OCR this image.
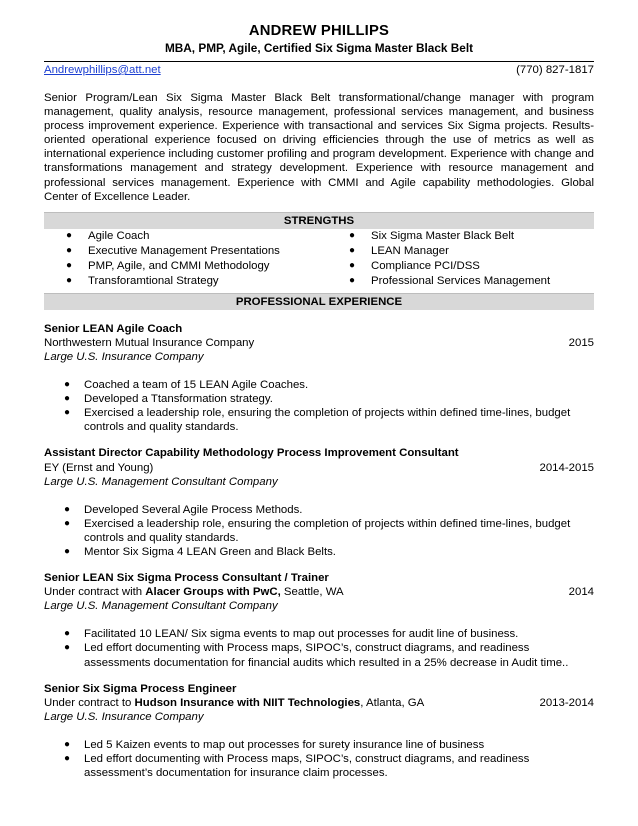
ANDREW PHILLIPS
MBA, PMP, Agile, Certified Six Sigma Master Black Belt
Andrewphillips@att.net	(770) 827-1817
Senior Program/Lean Six Sigma Master Black Belt transformational/change manager with program management, quality analysis, resource management, professional services management, and business process improvement experience. Experience with transactional and services Six Sigma projects. Results-oriented operational experience focused on driving efficiencies through the use of metrics as well as international experience including customer profiling and program development. Experience with change and transformations management and strategy development. Experience with resource management and professional services management. Experience with CMMI and Agile capability methodologies. Global Center of Excellence Leader.
STRENGTHS
● Agile Coach
● Executive Management Presentations
● PMP, Agile, and CMMI Methodology
● Transforamtional Strategy
● Six Sigma Master Black Belt
● LEAN Manager
● Compliance PCI/DSS
● Professional Services Management
PROFESSIONAL EXPERIENCE
Senior LEAN Agile Coach
Northwestern Mutual Insurance Company	2015
Large U.S. Insurance Company
● Coached a team of 15 LEAN Agile Coaches.
● Developed a Ttansformation strategy.
● Exercised a leadership role, ensuring the completion of projects within defined time-lines, budget controls and quality standards.
Assistant Director Capability Methodology Process Improvement Consultant
EY (Ernst and Young)	2014-2015
Large U.S. Management Consultant Company
● Developed Several Agile Process Methods.
● Exercised a leadership role, ensuring the completion of projects within defined time-lines, budget controls and quality standards.
● Mentor Six Sigma 4 LEAN Green and Black Belts.
Senior LEAN Six Sigma Process Consultant / Trainer
Under contract with Alacer Groups with PwC, Seattle, WA	2014
Large U.S. Management Consultant Company
● Facilitated 10 LEAN/ Six sigma events to map out processes for audit line of business.
● Led effort documenting with Process maps, SIPOC’s, construct diagrams, and readiness assessments documentation for financial audits which resulted in a 25% decrease in Audit time..
Senior Six Sigma Process Engineer
Under contract to Hudson Insurance with NIIT Technologies, Atlanta, GA	2013-2014
Large U.S. Insurance Company
● Led 5 Kaizen events to map out processes for surety insurance line of business
● Led effort documenting with Process maps, SIPOC’s, construct diagrams, and readiness assessment’s documentation for insurance claim processes.
